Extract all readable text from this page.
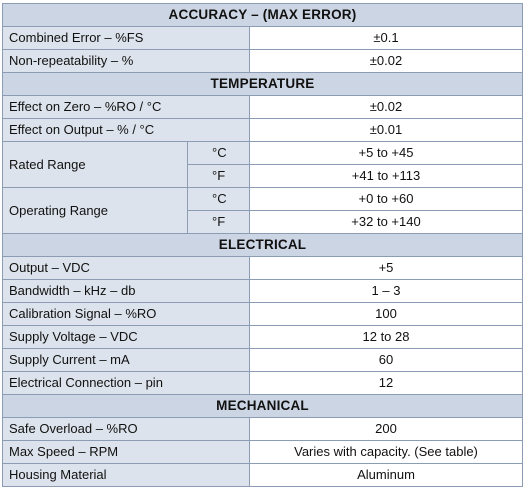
ACCURACY – (MAX ERROR)		
Combined Error – %FS		±0.1
Non-repeatability – %		±0.02
TEMPERATURE		
Effect on Zero – %RO / °C		±0.02
Effect on Output – % / °C		±0.01
Rated Range	°C	+5 to +45
	°F	+41 to +113
Operating Range	°C	+0 to +60
	°F	+32 to +140
ELECTRICAL		
Output – VDC		+5
Bandwidth – kHz – db		1 – 3
Calibration Signal – %RO		100
Supply Voltage – VDC		12 to 28
Supply Current – mA		60
Electrical Connection – pin		12
MECHANICAL		
Safe Overload – %RO		200
Max Speed – RPM		Varies with capacity. (See table)
Housing Material		Aluminum
